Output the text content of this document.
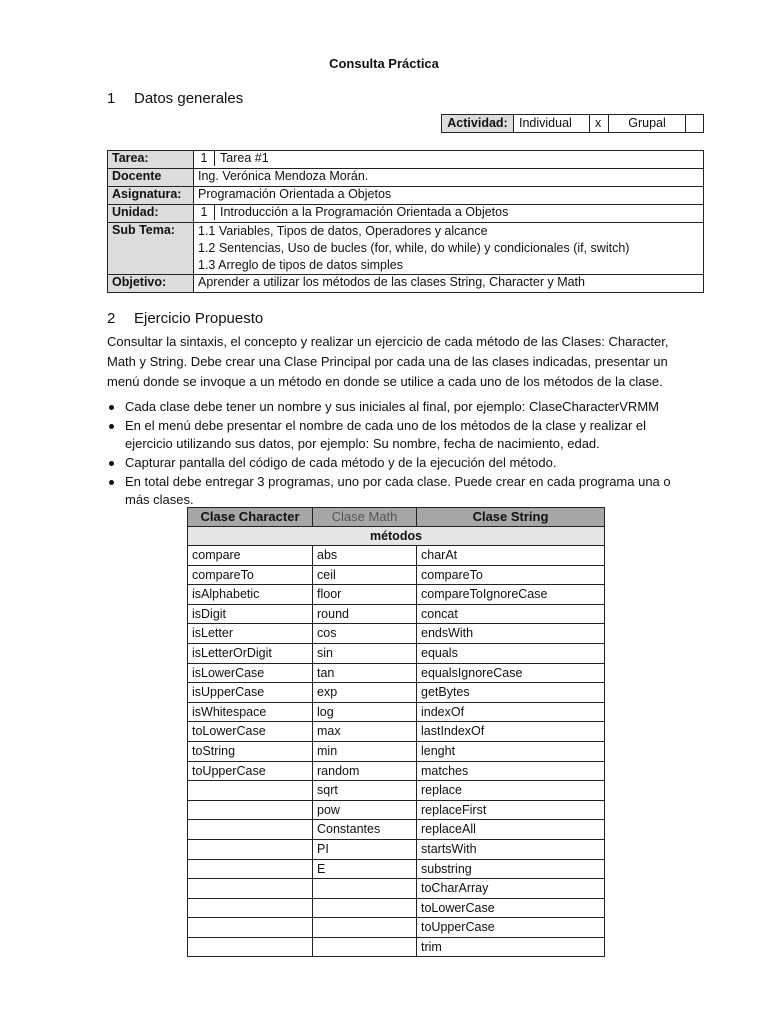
Consulta Práctica
1 Datos generales
Actividad:	Individual	x	Grupal	
Tarea:	1 Tarea #1
Docente	Ing. Verónica Mendoza Morán.
Asignatura:	Programación Orientada a Objetos
Unidad:	1 Introducción a la Programación Orientada a Objetos
Sub Tema:	1.1 Variables, Tipos de datos, Operadores y alcance
1.2 Sentencias, Uso de bucles (for, while, do while) y condicionales (if, switch)
1.3 Arreglo de tipos de datos simples

Objetivo:	Aprender a utilizar los métodos de las clases String, Character y Math
2 Ejercicio Propuesto
Consultar la sintaxis, el concepto y realizar un ejercicio de cada método de las Clases: Character, Math y String. Debe crear una Clase Principal por cada una de las clases indicadas, presentar un menú donde se invoque a un método en donde se utilice a cada uno de los métodos de la clase.
Cada clase debe tener un nombre y sus iniciales al final, por ejemplo: ClaseCharacterVRMM
En el menú debe presentar el nombre de cada uno de los métodos de la clase y realizar el ejercicio utilizando sus datos, por ejemplo: Su nombre, fecha de nacimiento, edad.
Capturar pantalla del código de cada método y de la ejecución del método.
En total debe entregar 3 programas, uno por cada clase. Puede crear en cada programa una o más clases.
Clase Character	Clase Math	Clase String
métodos		
compare	abs	charAt
compareTo	ceil	compareTo
isAlphabetic	floor	compareToIgnoreCase
isDigit	round	concat
isLetter	cos	endsWith
isLetterOrDigit	sin	equals
isLowerCase	tan	equalsIgnoreCase
isUpperCase	exp	getBytes
isWhitespace	log	indexOf
toLowerCase	max	lastIndexOf
toString	min	lenght
toUpperCase	random	matches
	sqrt	replace
	pow	replaceFirst
	Constantes	replaceAll
	PI	startsWith
	E	substring
		toCharArray
		toLowerCase
		toUpperCase
		trim
